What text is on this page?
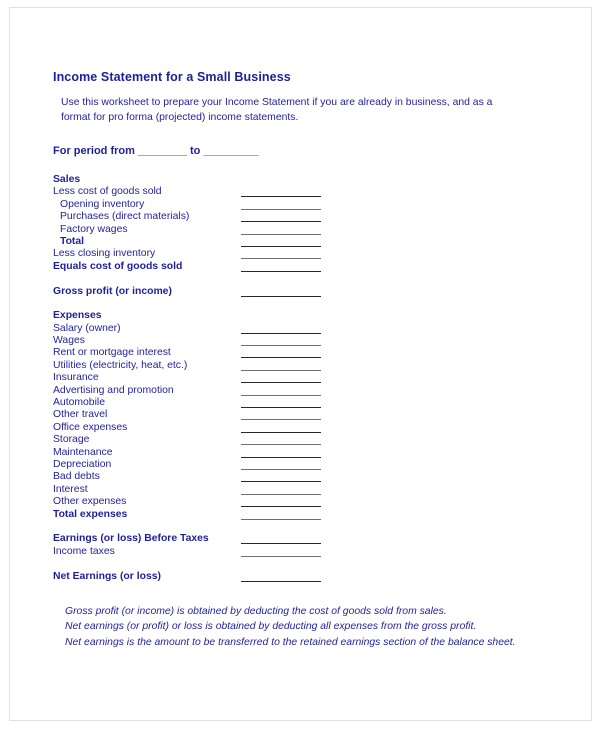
Income Statement for a Small Business
Use this worksheet to prepare your Income Statement if you are already in business, and as a
format for pro forma (projected) income statements.
For period from ________ to _________
Sales
Less cost of goods sold
Opening inventory
Purchases (direct materials)
Factory wages
Total
Less closing inventory
Equals cost of goods sold
Gross profit (or income)
Expenses
Salary (owner)
Wages
Rent or mortgage interest
Utilities (electricity, heat, etc.)
Insurance
Advertising and promotion
Automobile
Other travel
Office expenses
Storage
Maintenance
Depreciation
Bad debts
Interest
Other expenses
Total expenses
Earnings (or loss) Before Taxes
Income taxes
Net Earnings (or loss)
Gross profit (or income) is obtained by deducting the cost of goods sold from sales.
Net earnings (or profit) or loss is obtained by deducting all expenses from the gross profit.
Net earnings is the amount to be transferred to the retained earnings section of the balance sheet.
